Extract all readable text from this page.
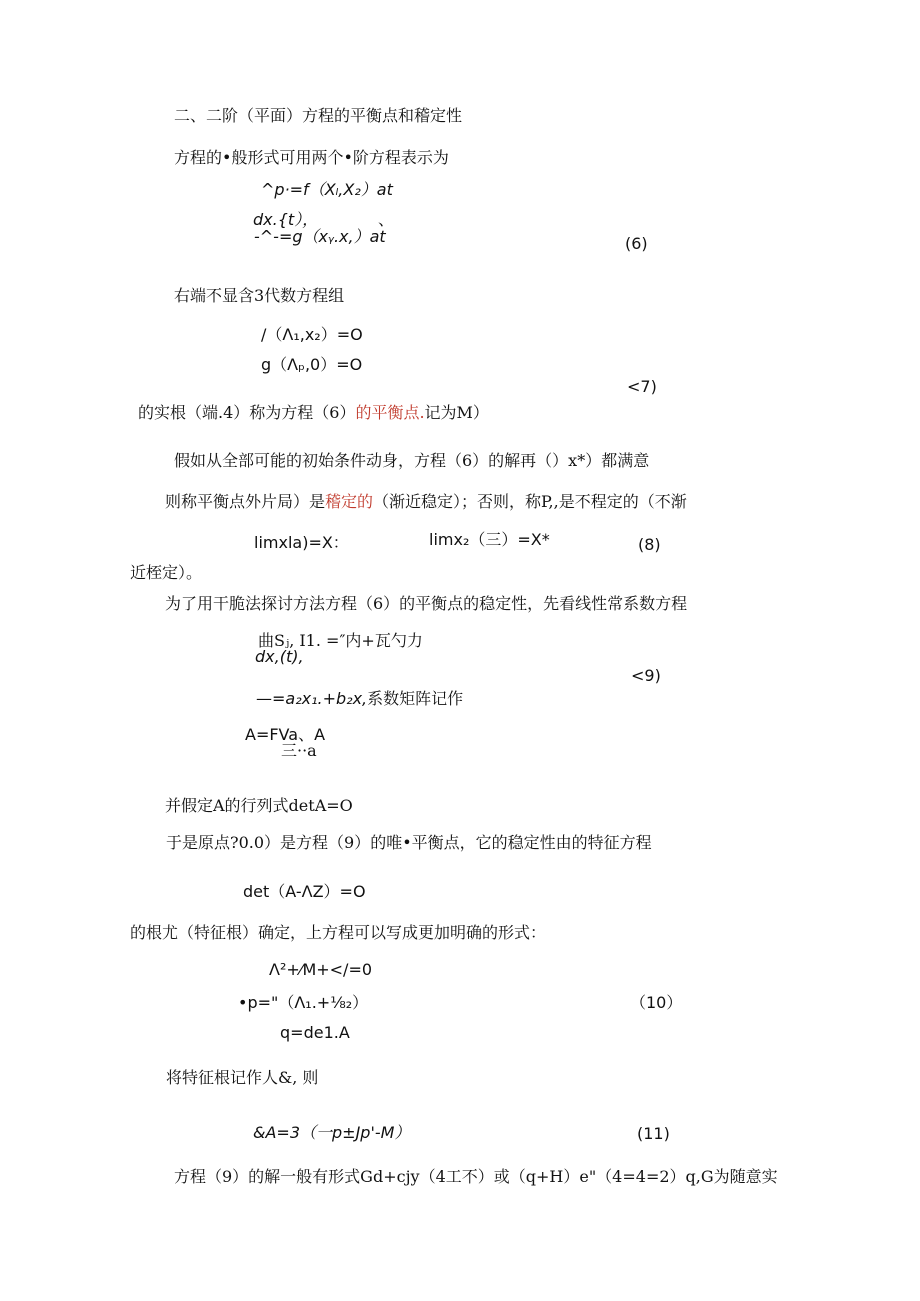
二、二阶（平面）方程的平衡点和稽定性
方程的•般形式可用两个•阶方程表示为
^p·=f（Xₗ,X₂）at
dx.{t），	、
-^-=g（xᵧ.x,）at	(6)
右端不显含3代数方程组
/（Λ₁,x₂）=O
g（Λₚ,0）=O
<7)
的实根（端.4）称为方程（6）的平衡点.记为M）
假如从全部可能的初始条件动身，方程（6）的解再（）x*）都满意
则称平衡点外片局）是稽定的（渐近稳定）；否则，称P,,是不程定的（不渐
limxla)=X：	limx₂（三）=X*	(8)
近桎定）。
为了用干脆法探讨方法方程（6）的平衡点的稳定性，先看线性常系数方程
曲Sⱼ, I1. =″内+瓦勺力
dx,(t),
<9)
—=a₂x₁.+b₂x,系数矩阵记作
A=FVa、A
三··a
并假定A的行列式detA=O
于是原点?0.0）是方程（9）的唯•平衡点，它的稳定性由的特征方程
det（A-ΛZ）=O
的根尤（特征根）确定，上方程可以写成更加明确的形式：
Λ²+⁄M+</=0
•p="（Λ₁.+⅛₂）	（10）
q=de1.A
将特征根记作人&, 则
&A=3（一p±Jp'-M）	(11)
方程（9）的解一般有形式Gd+cjy（4工不）或（q+H）e"（4=4=2）q,G为随意实
